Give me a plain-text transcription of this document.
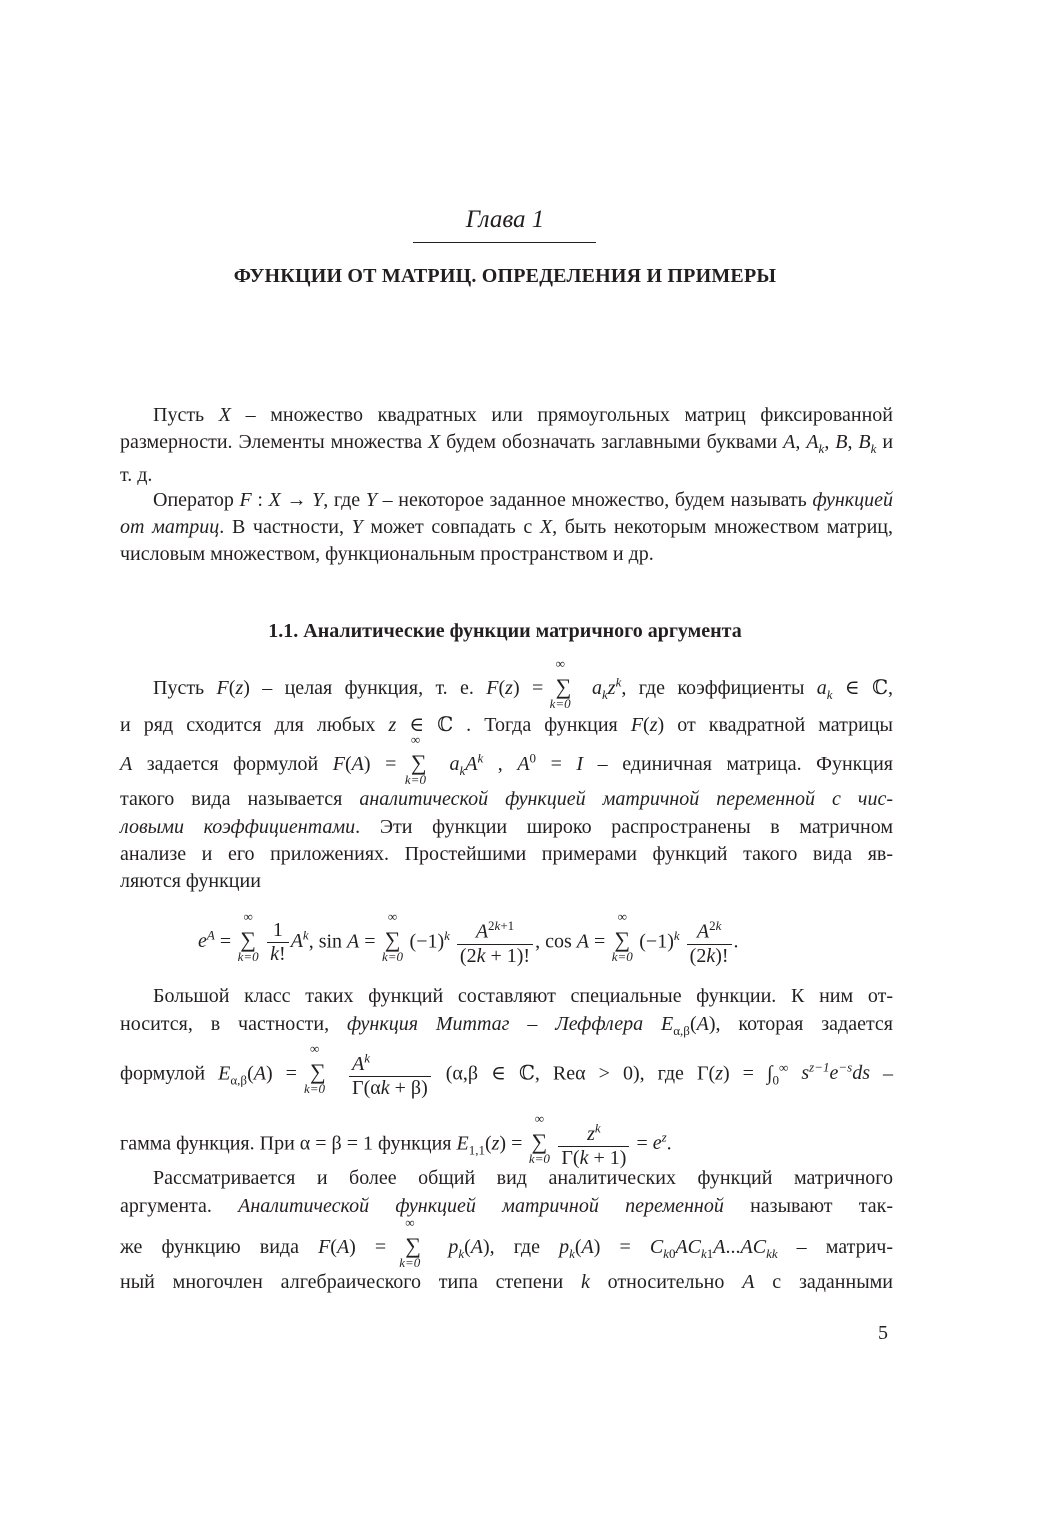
Глава 1
ФУНКЦИИ ОТ МАТРИЦ. ОПРЕДЕЛЕНИЯ И ПРИМЕРЫ
Пусть X – множество квадратных или прямоугольных матриц фиксированной размерности. Элементы множества X будем обозначать заглавными буквами A, $A_k$, B, $B_k$ и т. д.
Оператор F : X → Y, где Y – некоторое заданное множество, будем называть функцией от матриц. В частности, Y может совпадать с X, быть некоторым множеством матриц, числовым множеством, функциональным пространством и др.
1.1. Аналитические функции матричного аргумента
Пусть F(z) – целая функция, т. е. F(z) = ∑
∞
k=0
$a_kz^k$, где коэффициенты $a_k$ ∈ ℂ,
и ряд сходится для любых z ∈ ℂ . Тогда функция F(z) от квадратной матрицы
A задается формулой F(A) = ∑
∞
k=0
$a_kA^k$ , $A^0 = I$ – единичная матрица. Функция
такого вида называется аналитической функцией матричной переменной с чис-
ловыми коэффициентами. Эти функции широко распространены в матричном
анализе и его приложениях. Простейшими примерами функций такого вида яв-
ляются функции
$e^A$ = ∑
∞
k=0
$\frac{1}{k!} A^k$, sin A = ∑
∞
k=0
$(-1)^k \frac{A^{2k+1}}{(2k + 1)!}$ , cos A = ∑
∞
k=0
$(-1)^k \frac{A^{2k}}{(2k)!}$ .
Большой класс таких функций составляют специальные функции. К ним от-
носится, в частности, функция Миттаг – Леффлера $E_{\alpha,\beta}(A)$, которая задается
формулой $E_{\alpha,\beta}(A)$ = ∑
∞
k=0
	$\frac{A^k}{\Gamma(\alpha k + \beta)} (\alpha,\beta$ ∈ ℂ, Reα > 0), где $\Gamma(z) = \int_0^\infty$ $s^{z-1}e^{-s}ds$ –
гамма функция. При α = β = 1 функция $E_{1,1}(z)$ = ∑
∞
k=0
$\frac{z^k}{\Gamma(k + 1)} = e^z$.
Рассматривается и более общий вид аналитических функций матричного
аргумента. Аналитической функцией матричной переменной называют так-
же функцию вида F(A) = ∑
∞
k=0
$p_k(A)$, где $p_k(A) = C_{k0}AC_{k1}A...AC_{kk}$ – матрич-
ный многочлен алгебраического типа степени k относительно A с заданными
5
